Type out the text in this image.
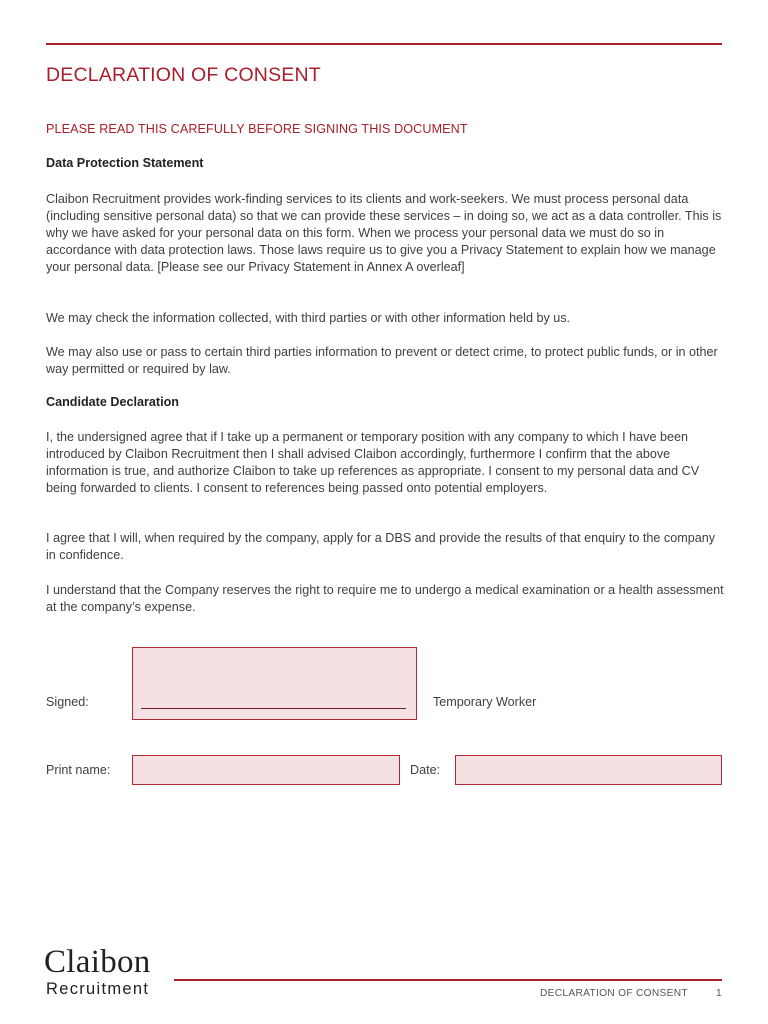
DECLARATION OF CONSENT
PLEASE READ THIS CAREFULLY BEFORE SIGNING THIS DOCUMENT
Data Protection Statement

Claibon Recruitment provides work-finding services to its clients and work-seekers. We must process personal data (including sensitive personal data) so that we can provide these services – in doing so, we act as a data controller. This is why we have asked for your personal data on this form. When we process your personal data we must do so in accordance with data protection laws. Those laws require us to give you a Privacy Statement to explain how we manage your personal data. [Please see our Privacy Statement in Annex A overleaf]

We may check the information collected, with third parties or with other information held by us.

We may also use or pass to certain third parties information to prevent or detect crime, to protect public funds, or in other way permitted or required by law.

Candidate Declaration

I, the undersigned agree that if I take up a permanent or temporary position with any company to which I have been introduced by Claibon Recruitment then I shall advised Claibon accordingly, furthermore I confirm that the above information is true, and authorize Claibon to take up references as appropriate. I consent to my personal data and CV being forwarded to clients. I consent to references being passed onto potential employers.

I agree that I will, when required by the company, apply for a DBS and provide the results of that enquiry to the company in confidence.

I understand that the Company reserves the right to require me to undergo a medical examination or a health assessment at the company’s expense.

Signed:	Temporary Worker
Print name:	Date:
Claibon
Recruitment	DECLARATION OF CONSENT	1
